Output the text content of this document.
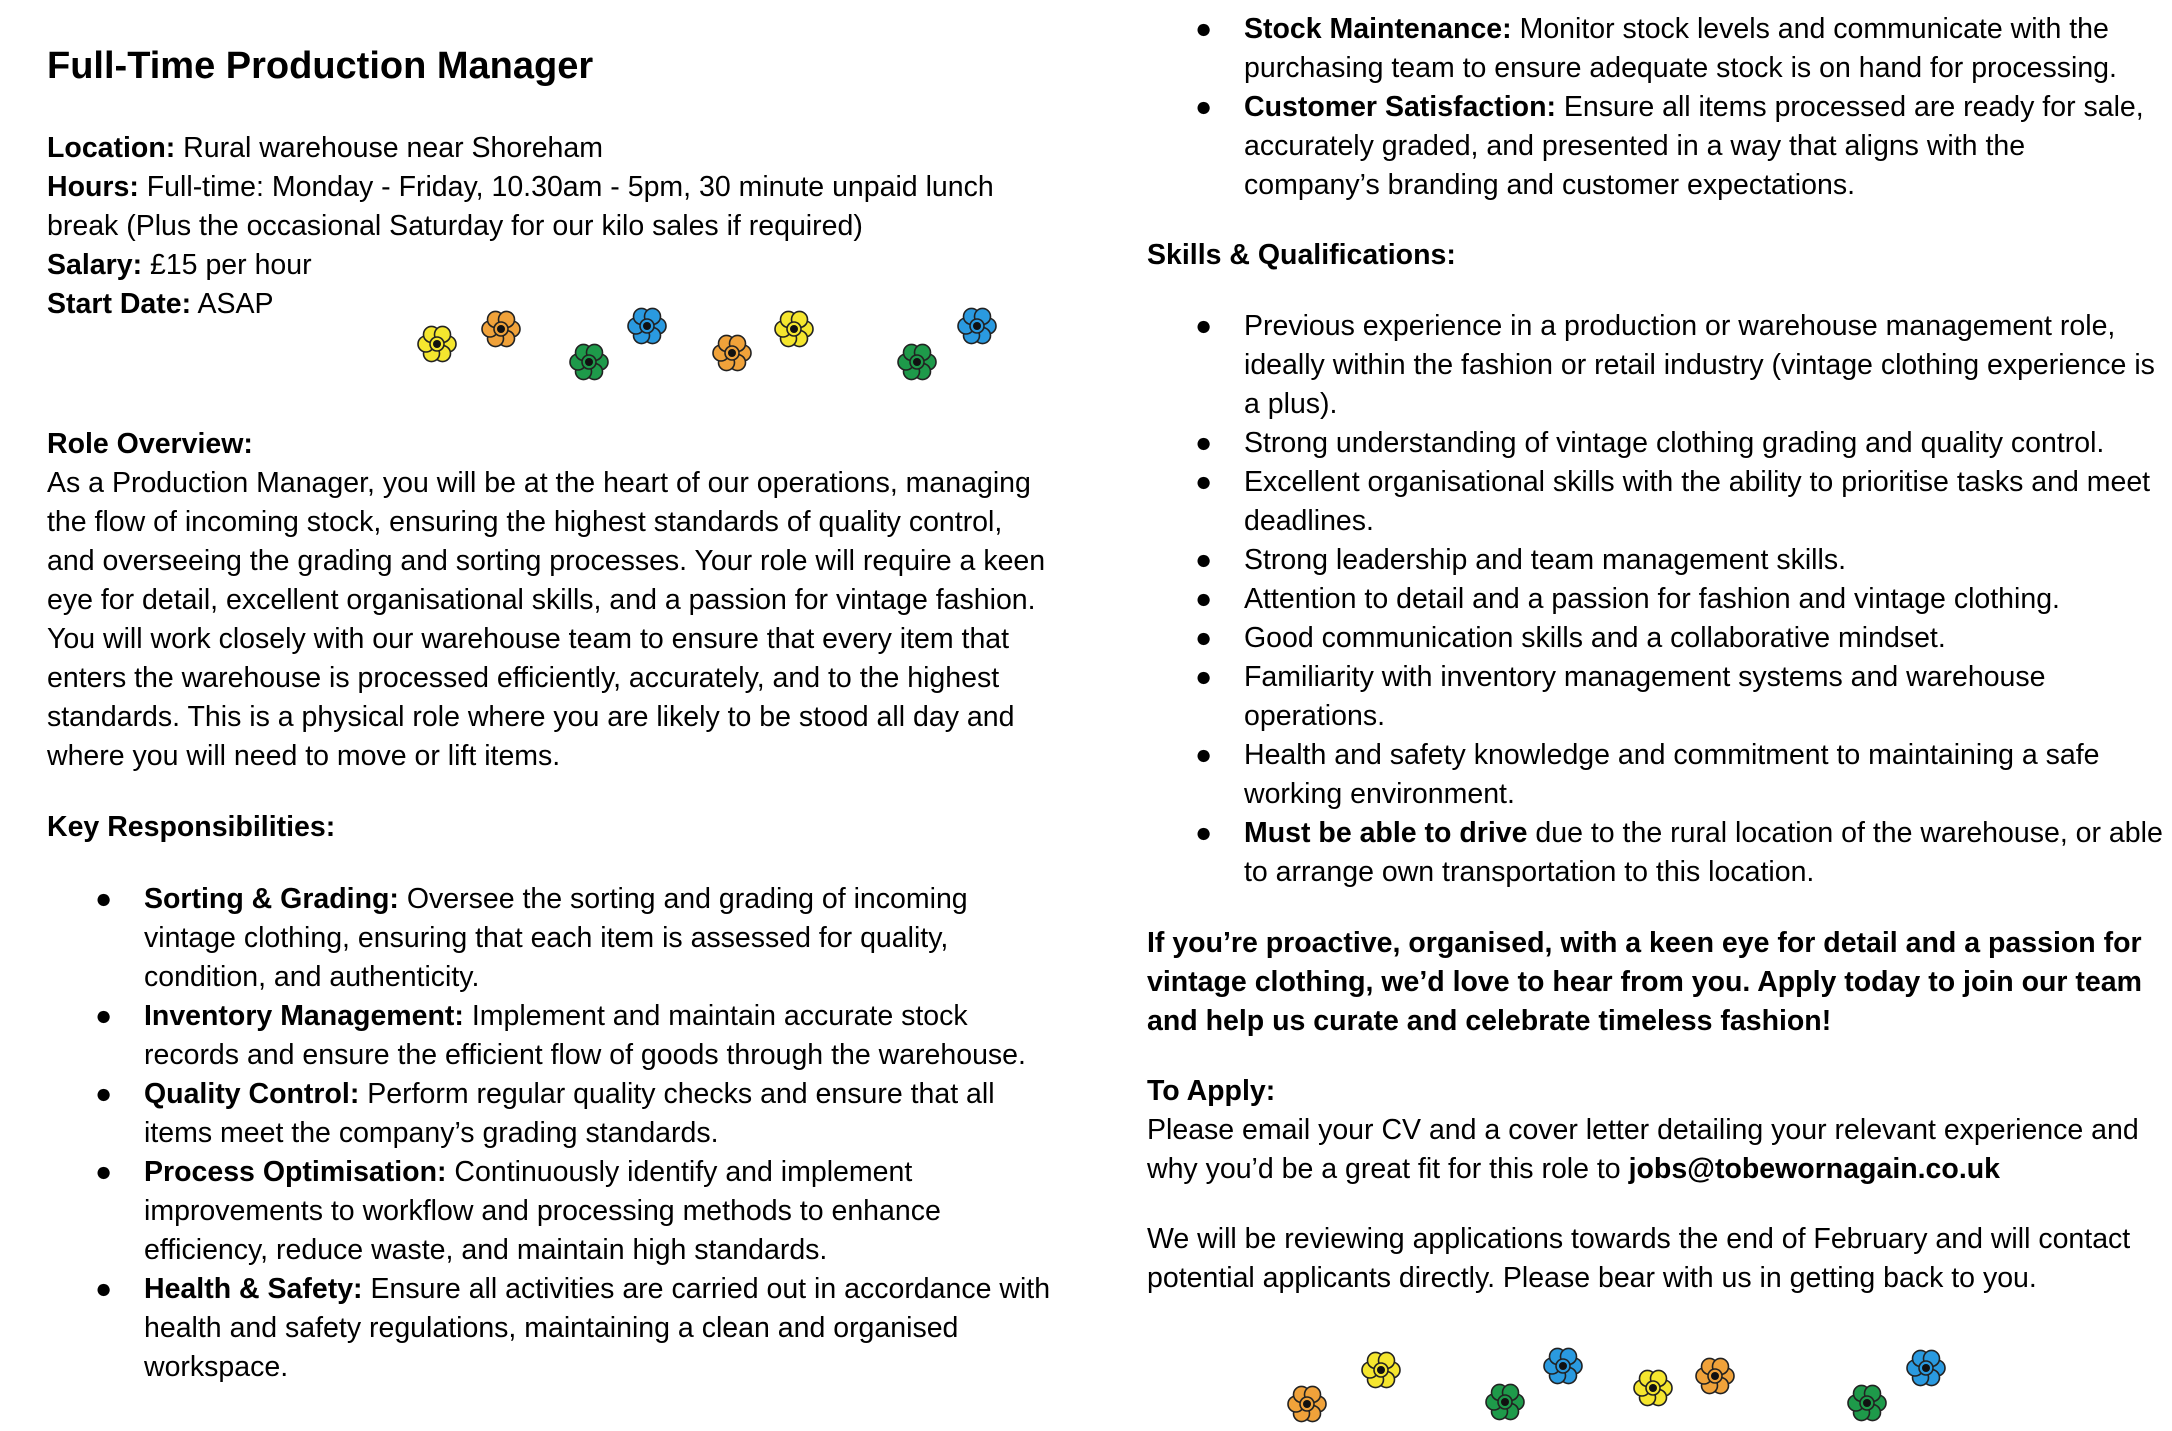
Full-Time Production Manager
Location: Rural warehouse near Shoreham
Hours: Full-time: Monday - Friday, 10.30am - 5pm, 30 minute unpaid lunch break (Plus the occasional Saturday for our kilo sales if required)
Salary: £15 per hour
Start Date: ASAP
Role Overview:
As a Production Manager, you will be at the heart of our operations, managing the flow of incoming stock, ensuring the highest standards of quality control, and overseeing the grading and sorting processes. Your role will require a keen eye for detail, excellent organisational skills, and a passion for vintage fashion. You will work closely with our warehouse team to ensure that every item that enters the warehouse is processed efficiently, accurately, and to the highest standards. This is a physical role where you are likely to be stood all day and where you will need to move or lift items.
Key Responsibilities:
● Sorting & Grading: Oversee the sorting and grading of incoming vintage clothing, ensuring that each item is assessed for quality, condition, and authenticity.
● Inventory Management: Implement and maintain accurate stock records and ensure the efficient flow of goods through the warehouse.
● Quality Control: Perform regular quality checks and ensure that all items meet the company’s grading standards.
● Process Optimisation: Continuously identify and implement improvements to workflow and processing methods to enhance efficiency, reduce waste, and maintain high standards.
● Health & Safety: Ensure all activities are carried out in accordance with health and safety regulations, maintaining a clean and organised workspace.
● Stock Maintenance: Monitor stock levels and communicate with the purchasing team to ensure adequate stock is on hand for processing.
● Customer Satisfaction: Ensure all items processed are ready for sale, accurately graded, and presented in a way that aligns with the company’s branding and customer expectations.
Skills & Qualifications:
● Previous experience in a production or warehouse management role, ideally within the fashion or retail industry (vintage clothing experience is a plus).
● Strong understanding of vintage clothing grading and quality control.
● Excellent organisational skills with the ability to prioritise tasks and meet deadlines.
● Strong leadership and team management skills.
● Attention to detail and a passion for fashion and vintage clothing.
● Good communication skills and a collaborative mindset.
● Familiarity with inventory management systems and warehouse operations.
● Health and safety knowledge and commitment to maintaining a safe working environment.
● Must be able to drive due to the rural location of the warehouse, or able to arrange own transportation to this location.
If you’re proactive, organised, with a keen eye for detail and a passion for vintage clothing, we’d love to hear from you. Apply today to join our team and help us curate and celebrate timeless fashion!
To Apply:
Please email your CV and a cover letter detailing your relevant experience and why you’d be a great fit for this role to jobs@tobewornagain.co.uk
We will be reviewing applications towards the end of February and will contact potential applicants directly. Please bear with us in getting back to you.
